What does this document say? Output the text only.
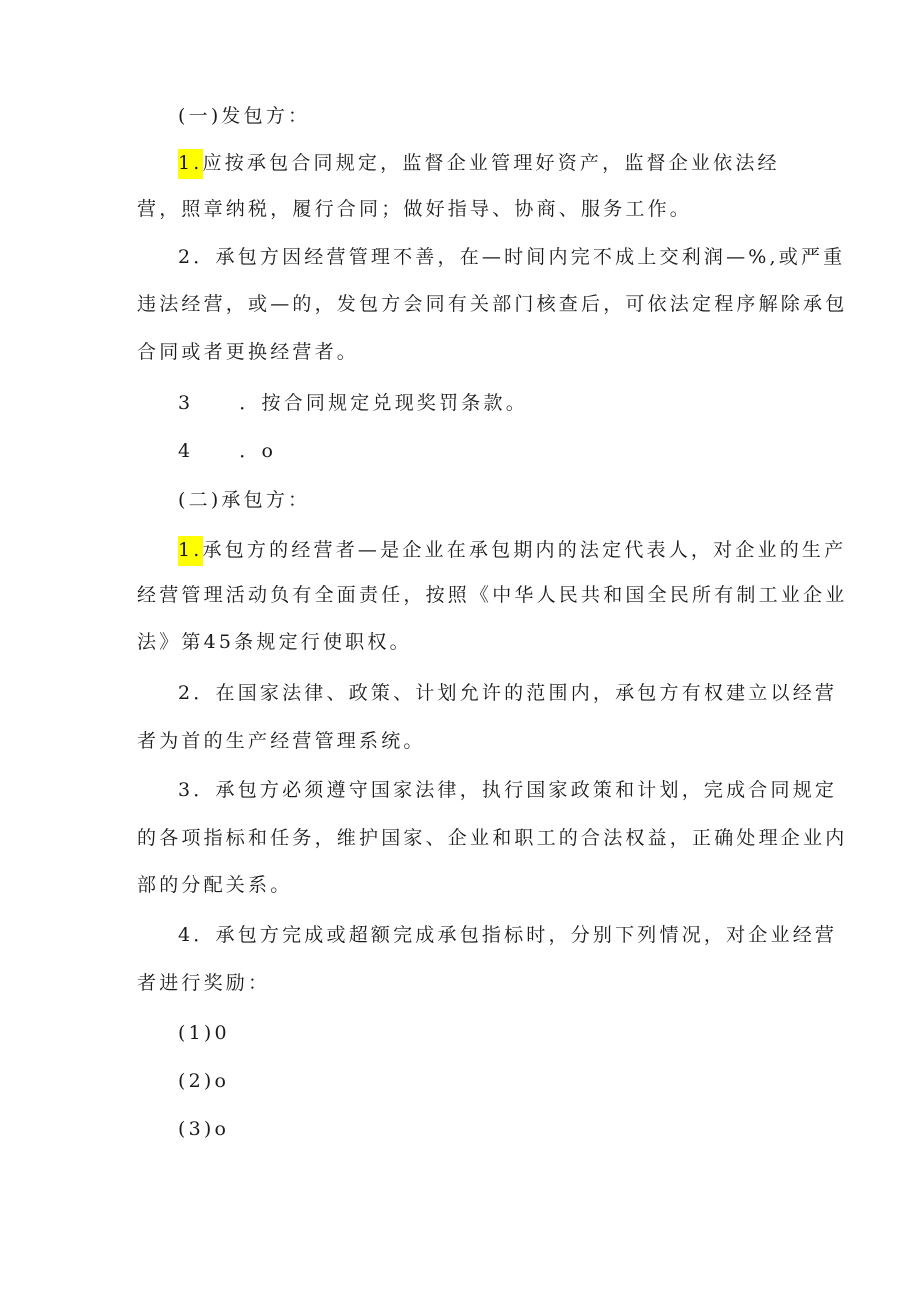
(一)发包方：
1.应按承包合同规定，监督企业管理好资产，监督企业依法经
营，照章纳税，履行合同；做好指导、协商、服务工作。
2．承包方因经营管理不善，在—时间内完不成上交利润—%,或严重
违法经营，或—的，发包方会同有关部门核查后，可依法定程序解除承包
合同或者更换经营者。
3 ．按合同规定兑现奖罚条款。
4 ．o
(二)承包方：
1.承包方的经营者—是企业在承包期内的法定代表人，对企业的生产
经营管理活动负有全面责任，按照《中华人民共和国全民所有制工业企业
法》第45条规定行使职权。
2．在国家法律、政策、计划允许的范围内，承包方有权建立以经营
者为首的生产经营管理系统。
3．承包方必须遵守国家法律，执行国家政策和计划，完成合同规定
的各项指标和任务，维护国家、企业和职工的合法权益，正确处理企业内
部的分配关系。
4．承包方完成或超额完成承包指标时，分别下列情况，对企业经营
者进行奖励：
(1)0
(2)o
(3)o
